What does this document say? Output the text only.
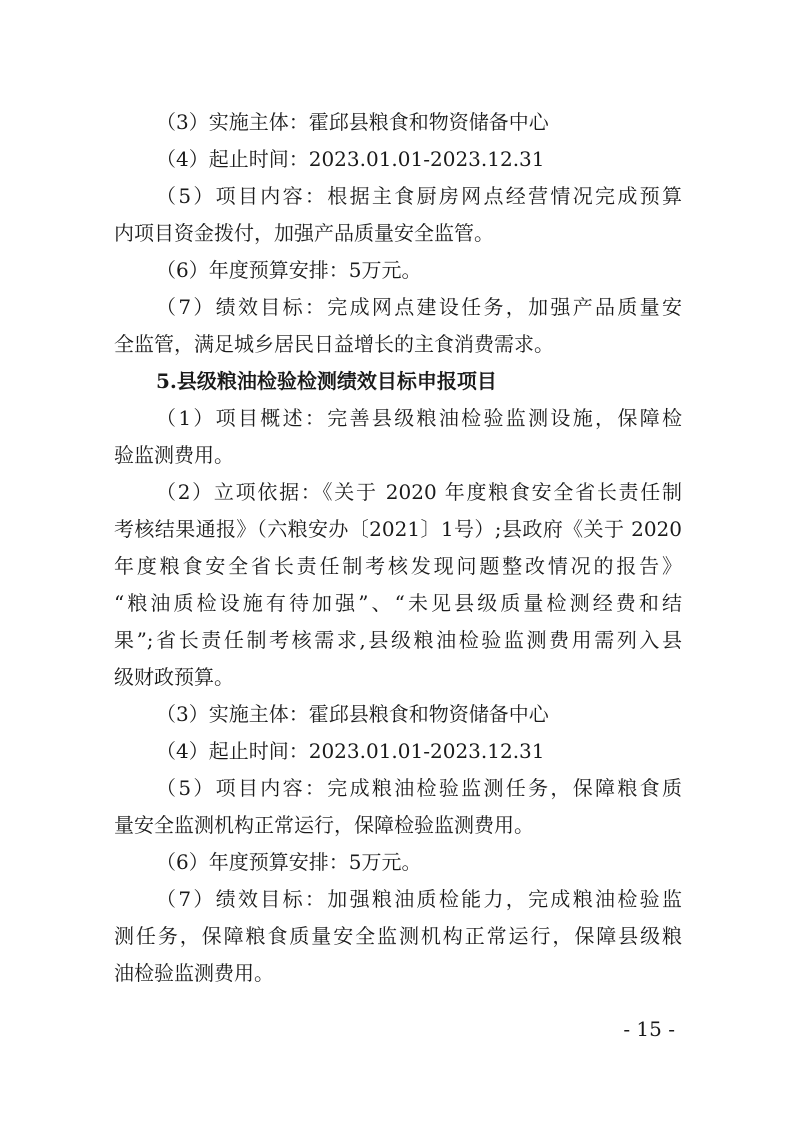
（3）实施主体：霍邱县粮食和物资储备中心
（4）起止时间：2023.01.01-2023.12.31
（5）项目内容：根据主食厨房网点经营情况完成预算
内项目资金拨付，加强产品质量安全监管。
（6）年度预算安排：5万元。
（7）绩效目标：完成网点建设任务，加强产品质量安
全监管，满足城乡居民日益增长的主食消费需求。
5.县级粮油检验检测绩效目标申报项目
（1）项目概述：完善县级粮油检验监测设施，保障检
验监测费用。
（2）立项依据：《关于 2020 年度粮食安全省长责任制
考核结果通报》（六粮安办〔2021〕1号）;县政府《关于 2020
年度粮食安全省长责任制考核发现问题整改情况的报告》
“粮油质检设施有待加强”、“未见县级质量检测经费和结
果”;省长责任制考核需求,县级粮油检验监测费用需列入县
级财政预算。
（3）实施主体：霍邱县粮食和物资储备中心
（4）起止时间：2023.01.01-2023.12.31
（5）项目内容：完成粮油检验监测任务，保障粮食质
量安全监测机构正常运行，保障检验监测费用。
（6）年度预算安排：5万元。
（7）绩效目标：加强粮油质检能力，完成粮油检验监
测任务，保障粮食质量安全监测机构正常运行，保障县级粮
油检验监测费用。
- 15 -
